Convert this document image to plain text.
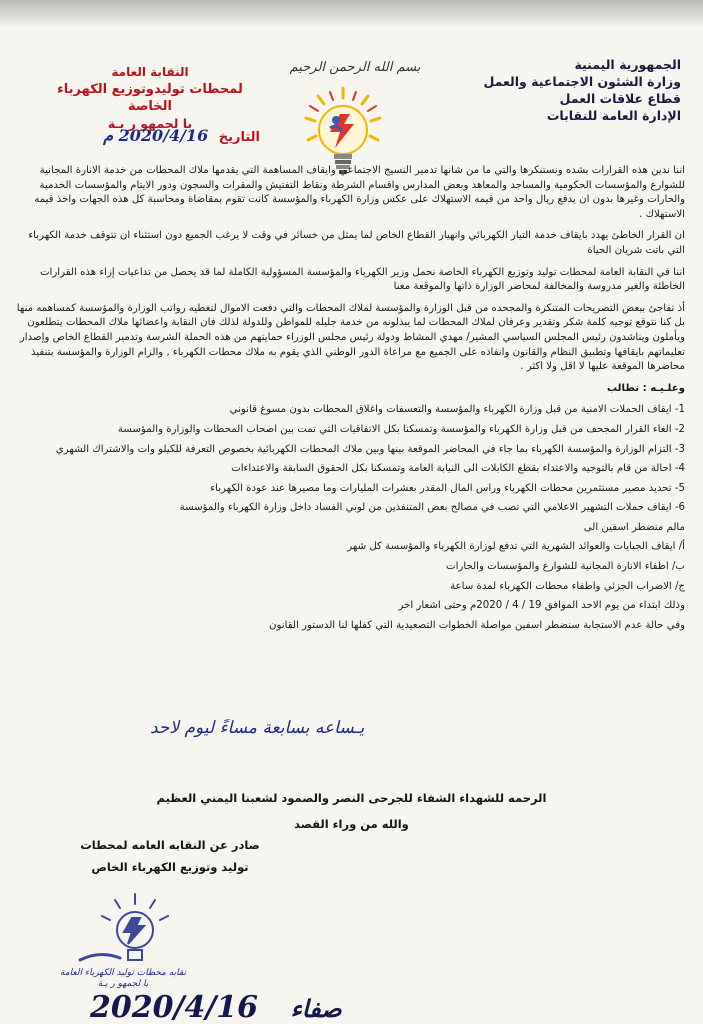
الجمهورية اليمنية
وزارة الشئون الاجتماعية والعمل
قطاع علاقات العمل
الإدارة العامة للنقابات
بسم الله الرحمن الرحيم
النقابة العامة
لمحطات توليدوتوزيع الكهرباء الخاصة
با لجمهو ر يـة
التاريخ 2020/4/16 م

اننا ندين هذه القرارات بشده ونستنكرها والتي ما من شانها تدمير النسيج الاجتماعي وايقاف المساهمة التي يقدمها ملاك المحطات من خدمة الانارة المجانية للشوارع والمؤسسات الحكومية والمساجد والمعاهد وبعض المدارس واقسام الشرطة ونقاط التفتيش والمقرات والسجون ودور الايتام والمؤسسات الخدمية والحارات وغيرها بدون ان يدفع ريال واحد من قيمه الاستهلاك على عكس وزارة الكهرباء والمؤسسة كانت تقوم بمقاضاة ومحاسبة كل هذه الجهات واخذ قيمه الاستهلاك .

ان القرار الخاطئ يهدد بايقاف خدمة التيار الكهربائي وانهيار القطاع الخاص لما يمثل من خسائر في وقت لا يرغب الجميع دون استثناء ان تتوقف خدمة الكهرباء التي باتت شريان الحياة

اننا في النقابة العامة لمحطات توليد وتوزيع الكهرباء الخاصة نحمل وزير الكهرباء والمؤسسة المسؤولية الكاملة لما قد يحصل من تداعيات إزاء هذه القرارات الخاطئة والغير مدروسة والمخالفة لمحاضر الوزارة ذاتها والموقعة معنا

أذ تفاجئ ببعض التصريحات المتنكرة والمجحده من قبل الوزارة والمؤسسة لملاك المحطات والتي دفعت الاموال لتغطيه رواتب الوزارة والمؤسسة كمساهمه منها بل كنا نتوقع توجيه كلمة شكر وتقدير وعرفان لملاك المحطات لما يبذلونه من خدمة جليله للمواطن وللدولة لذلك فان النقابة واعضائها ملاك المحطات يتطلعون ويأملون ويناشدون رئيس المجلس السياسي المشير/ مهدي المشاط ودولة رئيس مجلس الوزراء حمايتهم من هذه الحملة الشرسة وتدمير القطاع الخاص وإصدار تعليماتهم بايقافها وتطبيق النظام والقانون وانفاذه على الجميع مع مراعاة الدور الوطني الذي يقوم به ملاك محطات الكهرباء , والزام الوزارة والمؤسسة بتنفيذ محاضرها الموقعة عليها لا اقل ولا اكثر .

وعلـيـه : نطالب

1- ايقاف الحملات الامنية من قبل وزارة الكهرباء والمؤسسة والتعسفات واغلاق المحطات بدون مسوغ قانوني

2- الغاء القرار المجحف من قبل وزارة الكهرباء والمؤسسة وتمسكنا بكل الاتفاقيات التي تمت بين اصحاب المحطات والوزارة والمؤسسة

3- التزام الوزارة والمؤسسة الكهرباء بما جاء في المحاضر الموقعة بينها وبين ملاك المحطات الكهربائية بخصوص التعرفة للكيلو وات والاشتراك الشهري

4- احالة من قام بالتوجيه والاعتداء بقطع الكابلات الى النيابة العامة وتمسكنا بكل الحقوق السابقة والاعتداءات

5- تحديد مصير مستثمرين محطات الكهرباء وراس المال المقدر بعشرات المليارات وما مصيرها عند عودة الكهرباء

6- ايقاف حملات التشهير الاعلامي التي تصب في مصالح بعض المتنفذين من لوبي الفساد داخل وزارة الكهرباء والمؤسسة

مالم منضطر اسفين الى

أ/ ايقاف الجبايات والعوائد الشهرية التي تدفع لوزارة الكهرباء والمؤسسة كل شهر

ب/ اطفاء الانارة المجانية للشوارع والمؤسسات والحارات

ج/ الاضراب الجزئي واطفاء محطات الكهرباء لمدة ساعة

وذلك ابتداء من يوم الاحد الموافق 19 / 4 / 2020م وحتى اشعار اخر

وفي حالة عدم الاستجابة سنضطر اسفين مواصلة الخطوات التصعيدية التي كفلها لنا الدستور القانون

يـساعه بسابعة مساءً ليوم لاحد
الرحمه للشهداء الشفاء للجرحى النصر والصمود لشعبنا اليمني العظيم
والله من وراء القصد
صادر عن النقابه العامه لمحطات
توليد وتوزيع الكهرباء الخاص
نقابه محطات توليد الكهرباء العامة
با لجمهو ر يـة
2020/4/16 صفاء
